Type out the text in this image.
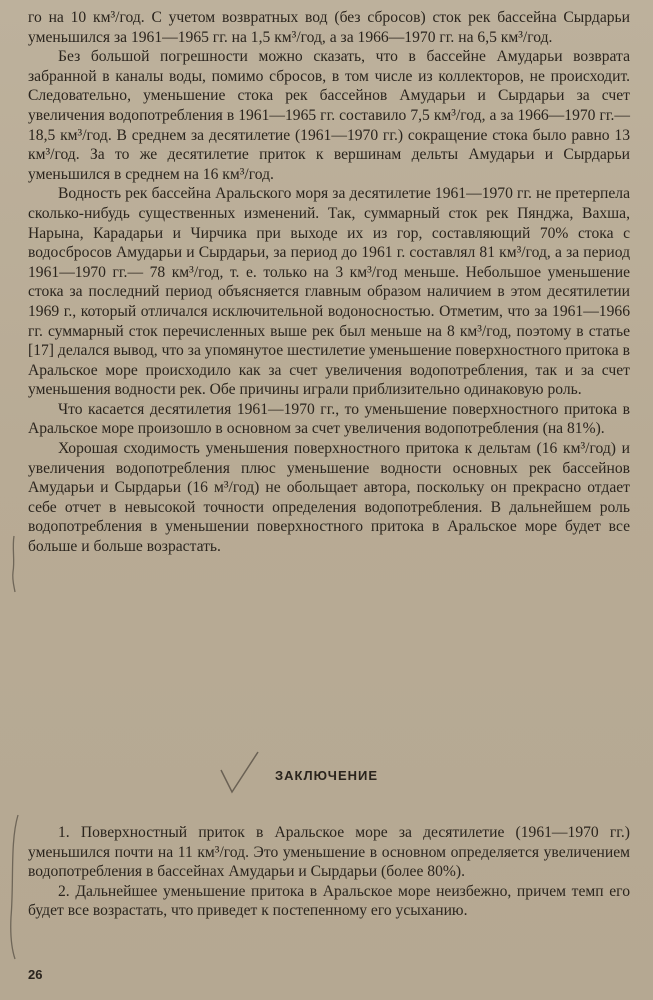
го на 10 км³/год. С учетом возвратных вод (без сбросов) сток рек бассейна Сырдарьи уменьшился за 1961—1965 гг. на 1,5 км³/год, а за 1966—1970 гг. на 6,5 км³/год.

Без большой погрешности можно сказать, что в бассейне Амударьи возврата забранной в каналы воды, помимо сбросов, в том числе из коллекторов, не происходит. Следовательно, уменьшение стока рек бассейнов Амударьи и Сырдарьи за счет увеличения водопотребления в 1961—1965 гг. составило 7,5 км³/год, а за 1966—1970 гг.— 18,5 км³/год. В среднем за десятилетие (1961—1970 гг.) сокращение стока было равно 13 км³/год. За то же десятилетие приток к вершинам дельты Амударьи и Сырдарьи уменьшился в среднем на 16 км³/год.

Водность рек бассейна Аральского моря за десятилетие 1961—1970 гг. не претерпела сколько-нибудь существенных изменений. Так, суммарный сток рек Пянджа, Вахша, Нарына, Карадарьи и Чирчика при выходе их из гор, составляющий 70% стока с водосбросов Амударьи и Сырдарьи, за период до 1961 г. составлял 81 км³/год, а за период 1961—1970 гг.— 78 км³/год, т. е. только на 3 км³/год меньше. Небольшое уменьшение стока за последний период объясняется главным образом наличием в этом десятилетии 1969 г., который отличался исключительной водоносностью. Отметим, что за 1961—1966 гг. суммарный сток перечисленных выше рек был меньше на 8 км³/год, поэтому в статье [17] делался вывод, что за упомянутое шестилетие уменьшение поверхностного притока в Аральское море происходило как за счет увеличения водопотребления, так и за счет уменьшения водности рек. Обе причины играли приблизительно одинаковую роль.

Что касается десятилетия 1961—1970 гг., то уменьшение поверхностного притока в Аральское море произошло в основном за счет увеличения водопотребления (на 81%).

Хорошая сходимость уменьшения поверхностного притока к дельтам (16 км³/год) и увеличения водопотребления плюс уменьшение водности основных рек бассейнов Амударьи и Сырдарьи (16 м³/год) не обольщает автора, поскольку он прекрасно отдает себе отчет в невысокой точности определения водопотребления. В дальнейшем роль водопотребления в уменьшении поверхностного притока в Аральское море будет все больше и больше возрастать.

ЗАКЛЮЧЕНИЕ

1. Поверхностный приток в Аральское море за десятилетие (1961—1970 гг.) уменьшился почти на 11 км³/год. Это уменьшение в основном определяется увеличением водопотребления в бассейнах Амударьи и Сырдарьи (более 80%).

2. Дальнейшее уменьшение притока в Аральское море неизбежно, причем темп его будет все возрастать, что приведет к постепенному его усыханию.

26
